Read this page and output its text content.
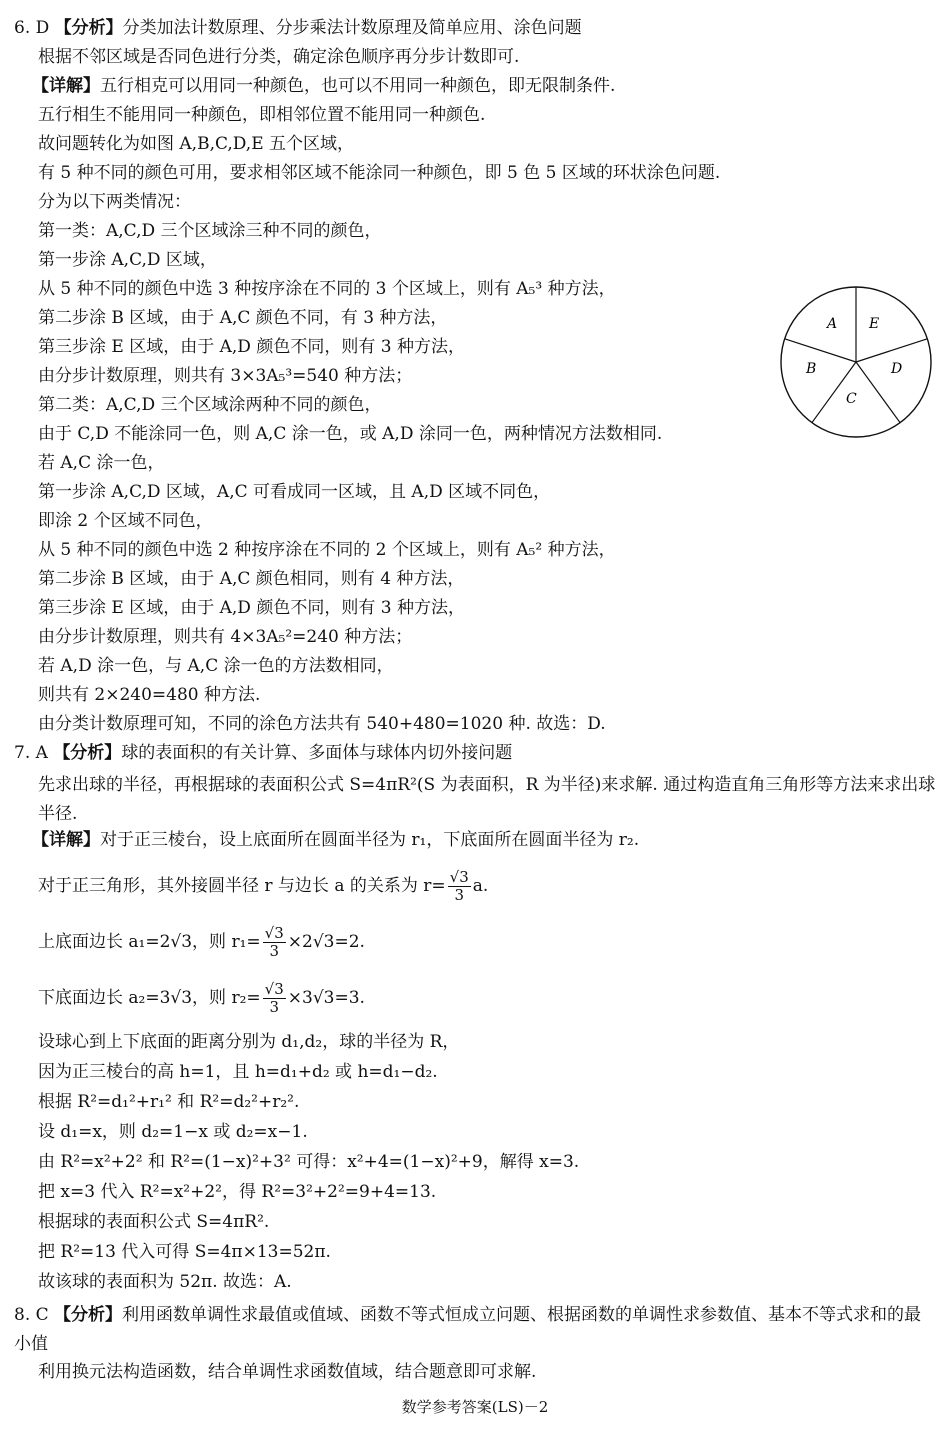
6. D 【分析】分类加法计数原理、分步乘法计数原理及简单应用、涂色问题
根据不邻区域是否同色进行分类，确定涂色顺序再分步计数即可.
【详解】五行相克可以用同一种颜色，也可以不用同一种颜色，即无限制条件.
五行相生不能用同一种颜色，即相邻位置不能用同一种颜色.
故问题转化为如图 A,B,C,D,E 五个区域，
有 5 种不同的颜色可用，要求相邻区域不能涂同一种颜色，即 5 色 5 区域的环状涂色问题.
分为以下两类情况：
第一类：A,C,D 三个区域涂三种不同的颜色，
第一步涂 A,C,D 区域，
从 5 种不同的颜色中选 3 种按序涂在不同的 3 个区域上，则有 A₅³ 种方法，
第二步涂 B 区域，由于 A,C 颜色不同，有 3 种方法，
第三步涂 E 区域，由于 A,D 颜色不同，则有 3 种方法，
由分步计数原理，则共有 3×3A₅³=540 种方法；
第二类：A,C,D 三个区域涂两种不同的颜色，
由于 C,D 不能涂同一色，则 A,C 涂一色，或 A,D 涂同一色，两种情况方法数相同.
若 A,C 涂一色，
第一步涂 A,C,D 区域，A,C 可看成同一区域，且 A,D 区域不同色，
即涂 2 个区域不同色，
从 5 种不同的颜色中选 2 种按序涂在不同的 2 个区域上，则有 A₅² 种方法，
第二步涂 B 区域，由于 A,C 颜色相同，则有 4 种方法，
第三步涂 E 区域，由于 A,D 颜色不同，则有 3 种方法，
由分步计数原理，则共有 4×3A₅²=240 种方法；
若 A,D 涂一色，与 A,C 涂一色的方法数相同，
则共有 2×240=480 种方法.
由分类计数原理可知，不同的涂色方法共有 540+480=1020 种. 故选：D.
A E
D
C
B
7. A 【分析】球的表面积的有关计算、多面体与球体内切外接问题
先求出球的半径，再根据球的表面积公式 S=4πR²(S 为表面积，R 为半径)来求解. 通过构造直角三角形等方法来求出球半径.
【详解】对于正三棱台，设上底面所在圆面半径为 r₁，下底面所在圆面半径为 r₂.
对于正三角形，其外接圆半径 r 与边长 a 的关系为 $r= \frac{√3}{3} a$.
上底面边长 a₁=2√3，则 $r_1= \frac{√3}{3} \times 2√3=2$.
下底面边长 a₂=3√3，则 $r_2= \frac{√3}{3} \times 3√3=3$.
设球心到上下底面的距离分别为 d₁,d₂，球的半径为 R，
因为正三棱台的高 h=1，且 h=d₁+d₂ 或 h=d₁−d₂.
根据 R²=d₁²+r₁² 和 R²=d₂²+r₂².
设 d₁=x，则 d₂=1−x 或 d₂=x−1.
由 R²=x²+2² 和 R²=(1−x)²+3² 可得：x²+4=(1−x)²+9，解得 x=3.
把 x=3 代入 R²=x²+2²，得 R²=3²+2²=9+4=13.
根据球的表面积公式 S=4πR².
把 R²=13 代入可得 S=4π×13=52π.
故该球的表面积为 52π. 故选：A.
8. C 【分析】利用函数单调性求最值或值域、函数不等式恒成立问题、根据函数的单调性求参数值、基本不等式求和的最小值
利用换元法构造函数，结合单调性求函数值域，结合题意即可求解.
数学参考答案(LS)－2
